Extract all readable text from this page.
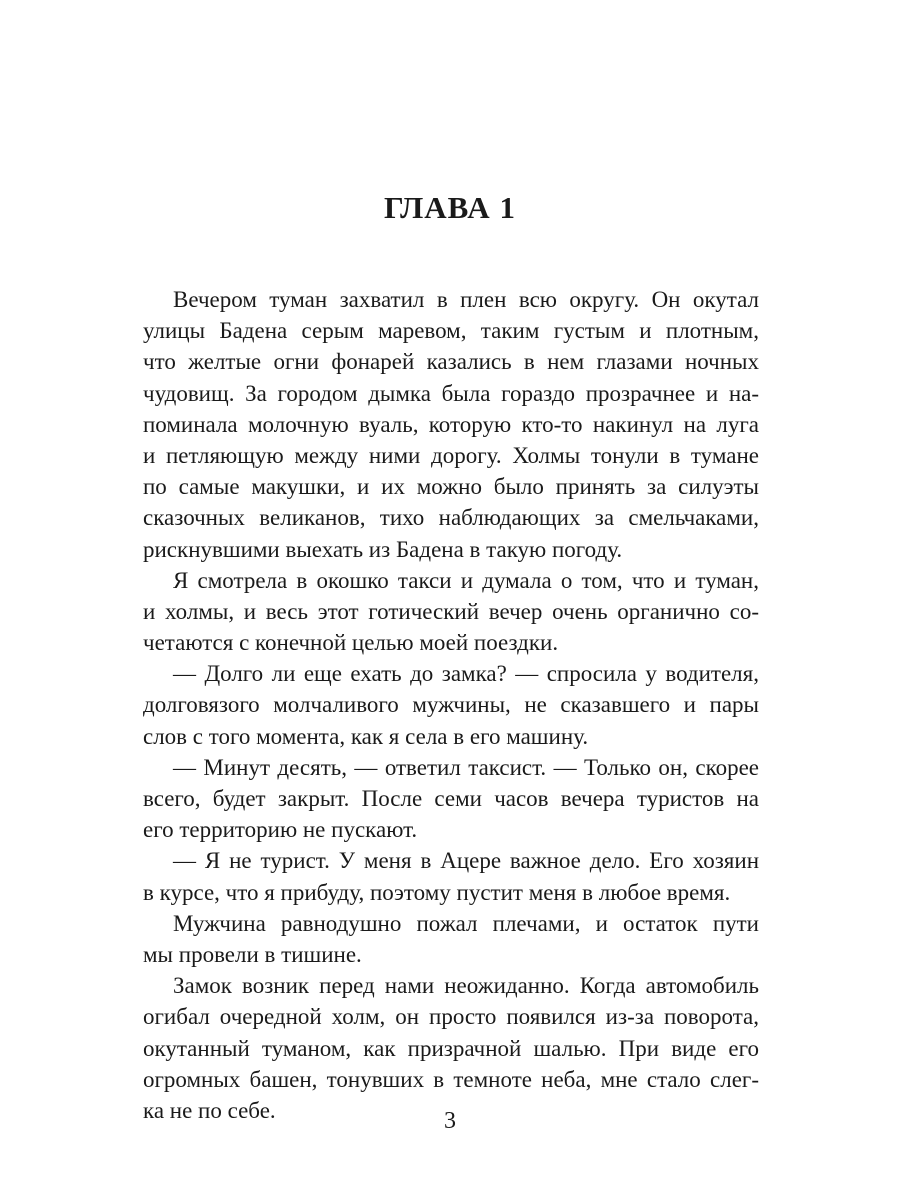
ГЛАВА 1
Вечером туман захватил в плен всю округу. Он окутал
улицы Бадена серым маревом, таким густым и плотным,
что желтые огни фонарей казались в нем глазами ночных
чудовищ. За городом дымка была гораздо прозрачнее и на-
поминала молочную вуаль, которую кто-то накинул на луга
и петляющую между ними дорогу. Холмы тонули в тумане
по самые макушки, и их можно было принять за силуэты
сказочных великанов, тихо наблюдающих за смельчаками,
рискнувшими выехать из Бадена в такую погоду.
Я смотрела в окошко такси и думала о том, что и туман,
и холмы, и весь этот готический вечер очень органично со-
четаются с конечной целью моей поездки.
— Долго ли еще ехать до замка? — спросила у водителя,
долговязого молчаливого мужчины, не сказавшего и пары
слов с того момента, как я села в его машину.
— Минут десять, — ответил таксист. — Только он, скорее
всего, будет закрыт. После семи часов вечера туристов на
его территорию не пускают.
— Я не турист. У меня в Ацере важное дело. Его хозяин
в курсе, что я прибуду, поэтому пустит меня в любое время.
Мужчина равнодушно пожал плечами, и остаток пути
мы провели в тишине.
Замок возник перед нами неожиданно. Когда автомобиль
огибал очередной холм, он просто появился из-за поворота,
окутанный туманом, как призрачной шалью. При виде его
огромных башен, тонувших в темноте неба, мне стало слег-
ка не по себе.	3
